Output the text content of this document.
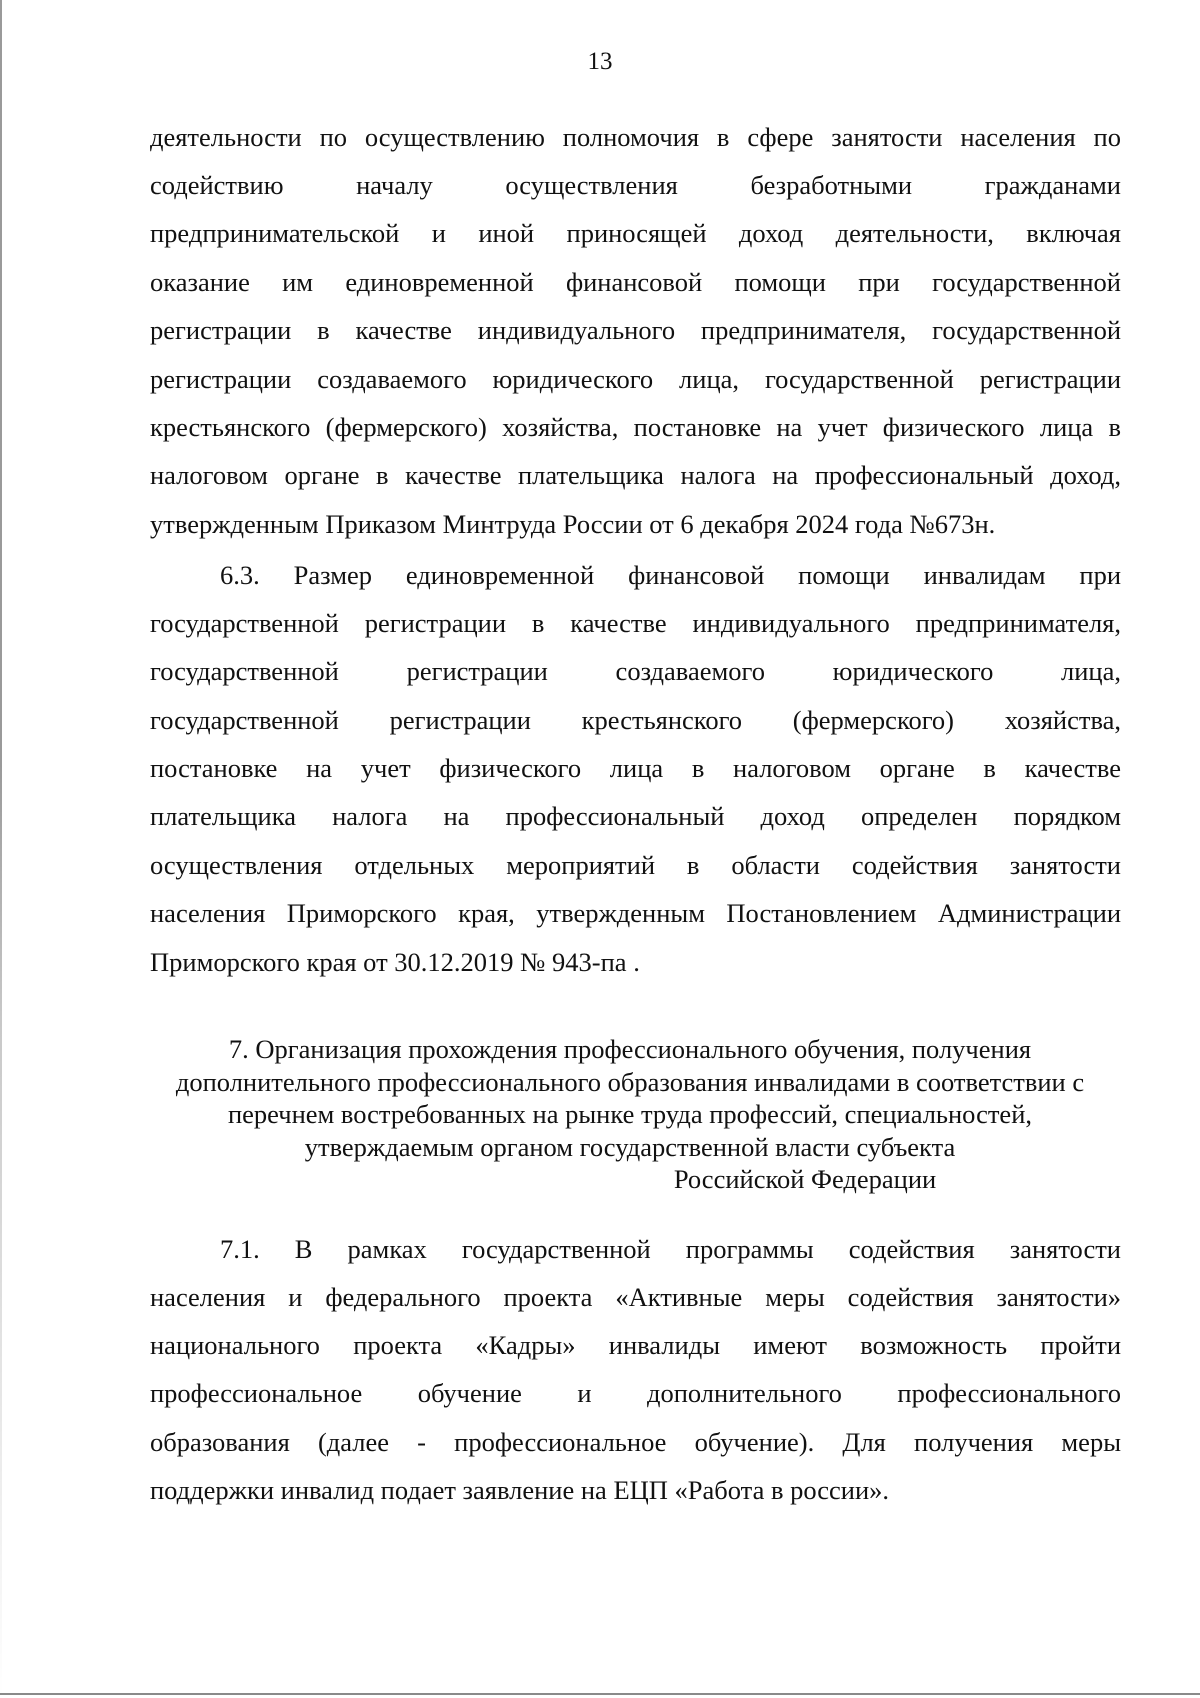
13
деятельности по осуществлению полномочия в сфере занятости населения по
содействию началу осуществления безработными гражданами
предпринимательской и иной приносящей доход деятельности, включая
оказание им единовременной финансовой помощи при государственной
регистрации в качестве индивидуального предпринимателя, государственной
регистрации создаваемого юридического лица, государственной регистрации
крестьянского (фермерского) хозяйства, постановке на учет физического лица в
налоговом органе в качестве плательщика налога на профессиональный доход,
утвержденным Приказом Минтруда России от 6 декабря 2024 года №673н.
6.3. Размер единовременной финансовой помощи инвалидам при
государственной регистрации в качестве индивидуального предпринимателя,
государственной регистрации создаваемого юридического лица,
государственной регистрации крестьянского (фермерского) хозяйства,
постановке на учет физического лица в налоговом органе в качестве
плательщика налога на профессиональный доход определен порядком
осуществления отдельных мероприятий в области содействия занятости
населения Приморского края, утвержденным Постановлением Администрации
Приморского края от 30.12.2019 № 943-па .
7. Организация прохождения профессионального обучения, получения
дополнительного профессионального образования инвалидами в соответствии с
перечнем востребованных на рынке труда профессий, специальностей,
утверждаемым органом государственной власти субъекта
Российской Федерации
7.1. В рамках государственной программы содействия занятости
населения и федерального проекта «Активные меры содействия занятости»
национального проекта «Кадры» инвалиды имеют возможность пройти
профессиональное обучение и дополнительного профессионального
образования (далее - профессиональное обучение). Для получения меры
поддержки инвалид подает заявление на ЕЦП «Работа в россии».
